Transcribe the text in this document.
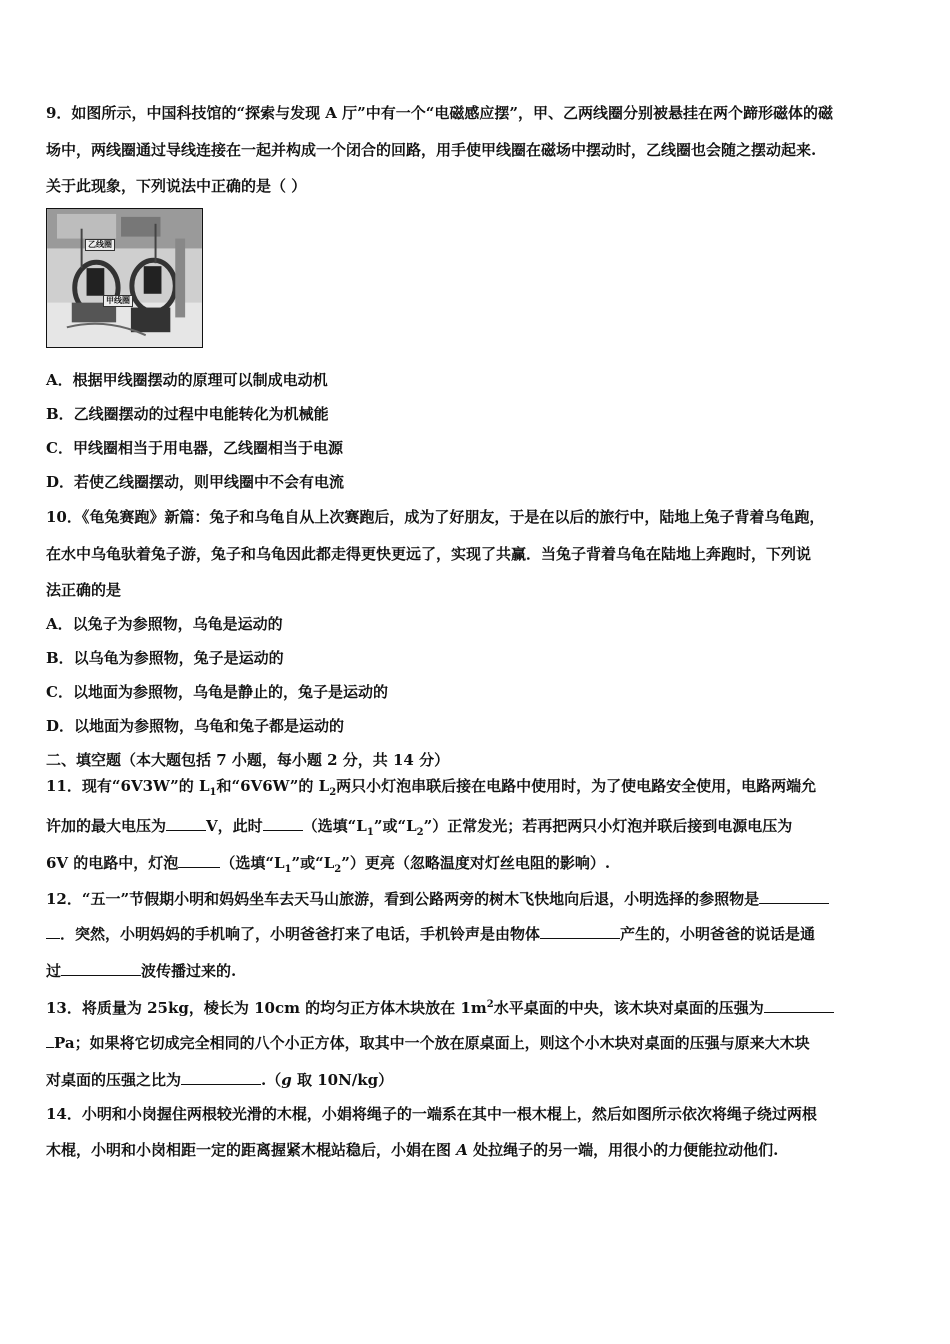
9．如图所示，中国科技馆的“探索与发现 A 厅”中有一个“电磁感应摆”，甲、乙两线圈分别被悬挂在两个蹄形磁体的磁
场中，两线圈通过导线连接在一起并构成一个闭合的回路，用手使甲线圈在磁场中摆动时，乙线圈也会随之摆动起来.
关于此现象，下列说法中正确的是（ ）
乙线圈
甲线圈
A．根据甲线圈摆动的原理可以制成电动机
B．乙线圈摆动的过程中电能转化为机械能
C．甲线圈相当于用电器，乙线圈相当于电源
D．若使乙线圈摆动，则甲线圈中不会有电流
10．《龟兔赛跑》新篇：兔子和乌龟自从上次赛跑后，成为了好朋友，于是在以后的旅行中，陆地上兔子背着乌龟跑，
在水中乌龟驮着兔子游，兔子和乌龟因此都走得更快更远了，实现了共赢．当兔子背着乌龟在陆地上奔跑时，下列说
法正确的是
A．以兔子为参照物，乌龟是运动的
B．以乌龟为参照物，兔子是运动的
C．以地面为参照物，乌龟是静止的，兔子是运动的
D．以地面为参照物，乌龟和兔子都是运动的
二、填空题（本大题包括 7 小题，每小题 2 分，共 14 分）
11．现有“6V3W”的 $L_1$和“6V6W”的 $L_2$两只小灯泡串联后接在电路中使用时，为了使电路安全使用，电路两端允
许加的最大电压为	V，此时	（选填“$L_1$”或“$L_2$”）正常发光；若再把两只小灯泡并联后接到电源电压为
6V 的电路中，灯泡	（选填“$L_1$”或“$L_2$”）更亮（忽略温度对灯丝电阻的影响）.
12．“五一”节假期小明和妈妈坐车去天马山旅游，看到公路两旁的树木飞快地向后退，小明选择的参照物是
．突然，小明妈妈的手机响了，小明爸爸打来了电话，手机铃声是由物体	产生的，小明爸爸的说话是通
过	波传播过来的.
13．将质量为 25kg，棱长为 10cm 的均匀正方体木块放在 $1m^2$水平桌面的中央，该木块对桌面的压强为
Pa；如果将它切成完全相同的八个小正方体，取其中一个放在原桌面上，则这个小木块对桌面的压强与原来大木块
对桌面的压强之比为	.（g 取 10N/kg）
14．小明和小岗握住两根较光滑的木棍，小娟将绳子的一端系在其中一根木棍上，然后如图所示依次将绳子绕过两根
木棍，小明和小岗相距一定的距离握紧木棍站稳后，小娟在图 A 处拉绳子的另一端，用很小的力便能拉动他们.
